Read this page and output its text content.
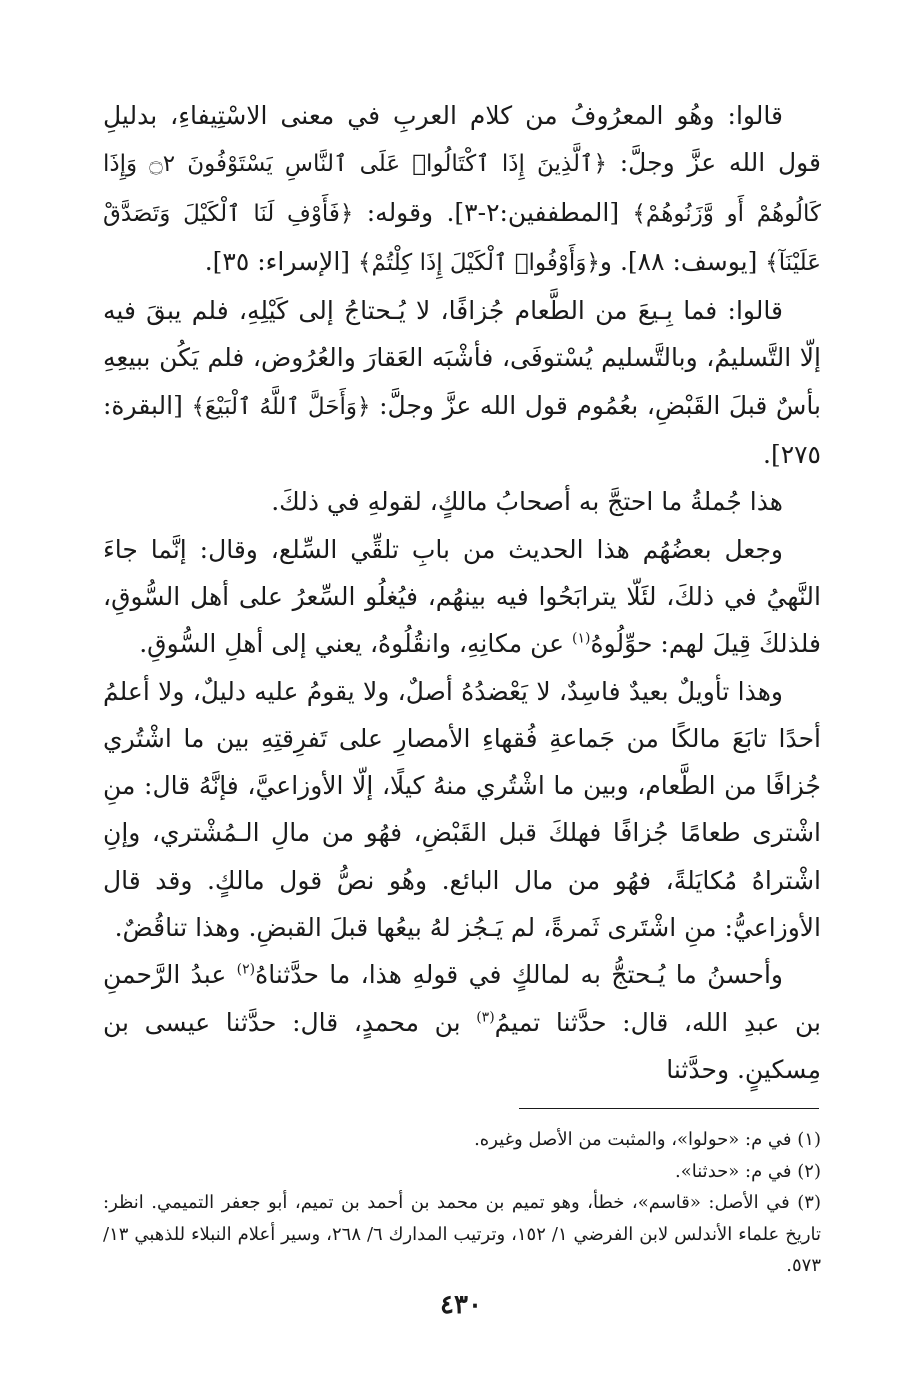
قالوا: وهُو المعرُوفُ من كلام العربِ في معنى الاسْتِيفاءِ، بدليلِ قول الله عزَّ وجلَّ: ﴿ٱلَّذِينَ إِذَا ٱكْتَالُوا۟ عَلَى ٱلنَّاسِ يَسْتَوْفُونَ ۝٢ وَإِذَا كَالُوهُمْ أَو وَّزَنُوهُمْ﴾ [المطففين:٢-٣]. وقوله: ﴿فَأَوْفِ لَنَا ٱلْكَيْلَ وَتَصَدَّقْ عَلَيْنَآ﴾ [يوسف: ٨٨]. و﴿وَأَوْفُوا۟ ٱلْكَيْلَ إِذَا كِلْتُمْ﴾ [الإسراء: ٣٥].

قالوا: فما بِـيعَ من الطَّعام جُزافًا، لا يُـحتاجُ إلى كَيْلِهِ، فلم يبقَ فيه إلّا التَّسليمُ، وبالتَّسليم يُسْتوفَى، فأشْبَه العَقارَ والعُرُوض، فلم يَكُن ببيعِهِ بأسٌ قبلَ القَبْضِ، بعُمُوم قول الله عزَّ وجلَّ: ﴿وَأَحَلَّ ٱللَّهُ ٱلْبَيْعَ﴾ [البقرة: ٢٧٥].

هذا جُملةُ ما احتجَّ به أصحابُ مالكٍ، لقولهِ في ذلكَ.

وجعل بعضُهُم هذا الحديث من بابِ تلقِّي السِّلع، وقال: إنَّما جاءَ النَّهيُ في ذلكَ، لئَلّا يترابَحُوا فيه بينهُم، فيُغلُو السِّعرُ على أهل السُّوقِ، فلذلكَ قِيلَ لهم: حوِّلُوهُ$^{(١)}$ عن مكانِهِ، وانقُلُوهُ، يعني إلى أهلِ السُّوقِ.

وهذا تأويلٌ بعيدٌ فاسِدٌ، لا يَعْضدُهُ أصلٌ، ولا يقومُ عليه دليلٌ، ولا أعلمُ أحدًا تابَعَ مالكًا من جَماعةِ فُقهاءِ الأمصارِ على تَفرِقتِهِ بين ما اشْتُري جُزافًا من الطَّعام، وبين ما اشْتُري منهُ كيلًا، إلّا الأوزاعيَّ، فإنَّهُ قال: منِ اشْترى طعامًا جُزافًا فهلكَ قبل القَبْضِ، فهُو من مالِ الـمُشْتري، وإنِ اشْتراهُ مُكايَلةً، فهُو من مال البائع. وهُو نصُّ قول مالكٍ. وقد قال الأوزاعيُّ: منِ اشْتَرى ثَمرةً، لم يَـجُز لهُ بيعُها قبلَ القبضِ. وهذا تناقُضٌ.

وأحسنُ ما يُـحتجُّ به لمالكٍ في قولهِ هذا، ما حدَّثناهُ$^{(٢)}$ عبدُ الرَّحمنِ بن عبدِ الله، قال: حدَّثنا تميمُ$^{(٣)}$ بن محمدٍ، قال: حدَّثنا عيسى بن مِسكينٍ. وحدَّثنا

(١) في م: «حولوا»، والمثبت من الأصل وغيره.

(٢) في م: «حدثنا».

(٣) في الأصل: «قاسم»، خطأ، وهو تميم بن محمد بن أحمد بن تميم، أبو جعفر التميمي. انظر: تاريخ علماء الأندلس لابن الفرضي ١/ ١٥٢، وترتيب المدارك ٦/ ٢٦٨، وسير أعلام النبلاء للذهبي ١٣/ ٥٧٣.

٤٣٠
